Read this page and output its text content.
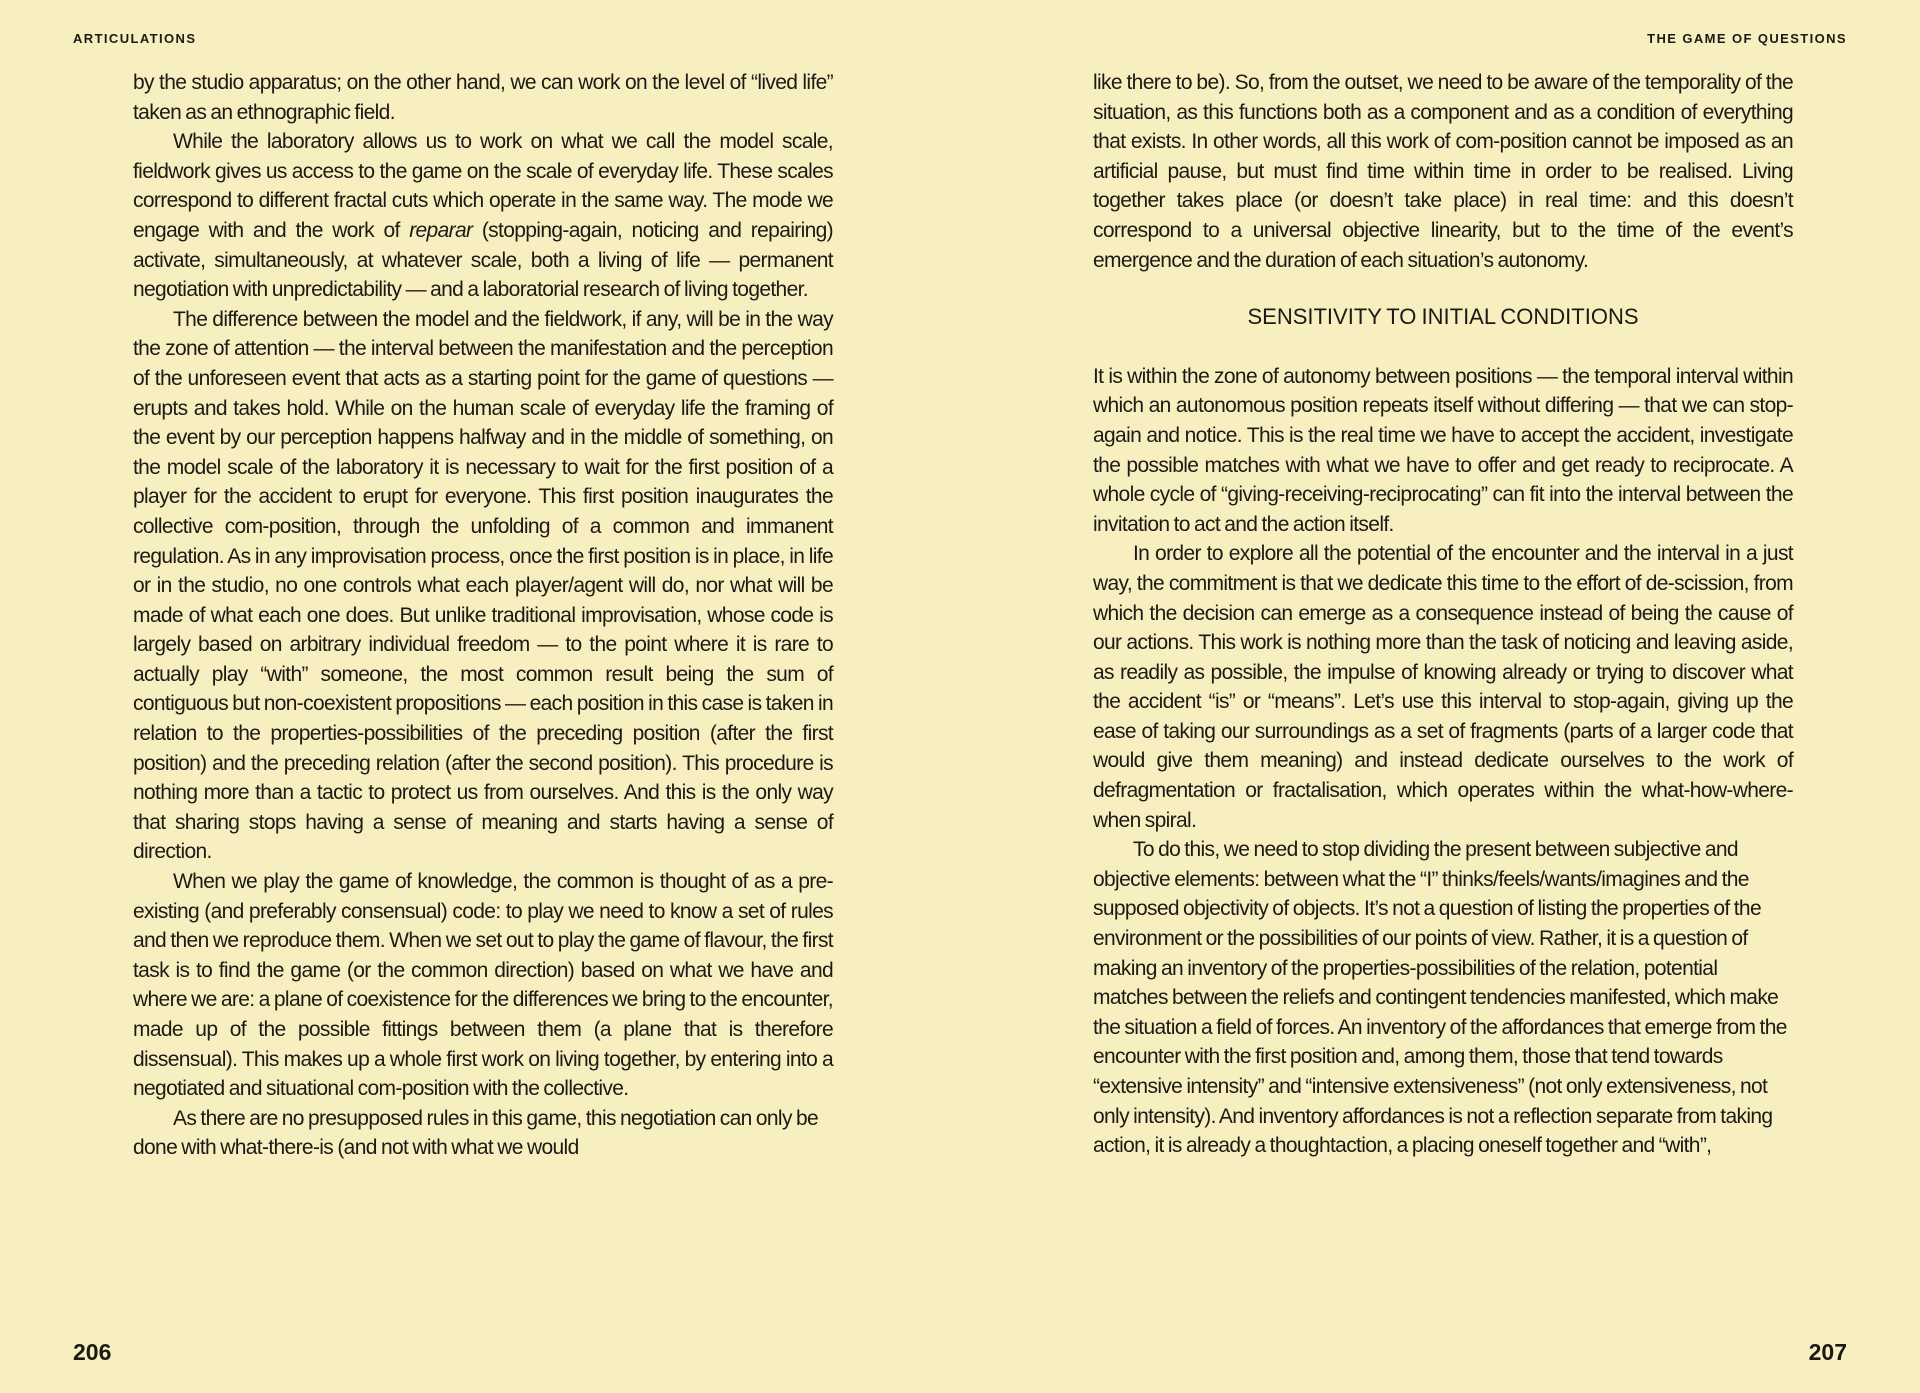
ARTICULATIONS

by the studio apparatus; on the other hand, we can work on the level of “lived life” taken as an ethnographic field.

While the laboratory allows us to work on what we call the model scale, fieldwork gives us access to the game on the scale of everyday life. These scales correspond to different fractal cuts which operate in the same way. The mode we engage with and the work of reparar (stopping-again, noticing and repairing) activate, simultaneously, at whatever scale, both a living of life — permanent negotiation with unpredictability — and a laboratorial research of living together.

The difference between the model and the fieldwork, if any, will be in the way the zone of attention — the interval between the manifestation and the perception of the unforeseen event that acts as a starting point for the game of questions — erupts and takes hold. While on the human scale of everyday life the framing of the event by our perception happens halfway and in the middle of something, on the model scale of the laboratory it is necessary to wait for the first position of a player for the accident to erupt for everyone. This first position inaugurates the collective com-position, through the unfolding of a common and immanent regulation. As in any improvisation process, once the first position is in place, in life or in the studio, no one controls what each player/agent will do, nor what will be made of what each one does. But unlike traditional improvisation, whose code is largely based on arbitrary individual freedom — to the point where it is rare to actually play “with” someone, the most common result being the sum of contiguous but non-coexistent propositions — each position in this case is taken in relation to the properties-possibilities of the preceding position (after the first position) and the preceding relation (after the second position). This procedure is nothing more than a tactic to protect us from ourselves. And this is the only way that sharing stops having a sense of meaning and starts having a sense of direction.

When we play the game of knowledge, the common is thought of as a pre-existing (and preferably consensual) code: to play we need to know a set of rules and then we reproduce them. When we set out to play the game of flavour, the first task is to find the game (or the common direction) based on what we have and where we are: a plane of coexistence for the differences we bring to the encounter, made up of the possible fittings between them (a plane that is therefore dissensual). This makes up a whole first work on living together, by entering into a negotiated and situational com-position with the collective.

As there are no presupposed rules in this game, this negotiation can only be done with what-there-is (and not with what we would

206
THE GAME OF QUESTIONS

like there to be). So, from the outset, we need to be aware of the temporality of the situation, as this functions both as a component and as a condition of everything that exists. In other words, all this work of com-position cannot be imposed as an artificial pause, but must find time within time in order to be realised. Living together takes place (or doesn’t take place) in real time: and this doesn’t correspond to a universal objective linearity, but to the time of the event’s emergence and the duration of each situation’s autonomy.

SENSITIVITY TO INITIAL CONDITIONS

It is within the zone of autonomy between positions — the temporal interval within which an autonomous position repeats itself without differing — that we can stop-again and notice. This is the real time we have to accept the accident, investigate the possible matches with what we have to offer and get ready to reciprocate. A whole cycle of “giving-receiving-reciprocating” can fit into the interval between the invitation to act and the action itself.

In order to explore all the potential of the encounter and the interval in a just way, the commitment is that we dedicate this time to the effort of de-scission, from which the decision can emerge as a consequence instead of being the cause of our actions. This work is nothing more than the task of noticing and leaving aside, as readily as possible, the impulse of knowing already or trying to discover what the accident “is” or “means”. Let’s use this interval to stop-again, giving up the ease of taking our surroundings as a set of fragments (parts of a larger code that would give them meaning) and instead dedicate ourselves to the work of defragmentation or fractalisation, which operates within the what-how-where-when spiral.

To do this, we need to stop dividing the present between subjective and objective elements: between what the “I” thinks/feels/wants/imagines and the supposed objectivity of objects. It’s not a question of listing the properties of the environment or the possibilities of our points of view. Rather, it is a question of making an inventory of the properties-possibilities of the relation, potential matches between the reliefs and contingent tendencies manifested, which make the situation a field of forces. An inventory of the affordances that emerge from the encounter with the first position and, among them, those that tend towards “extensive intensity” and “intensive extensiveness” (not only extensiveness, not only intensity). And inventory affordances is not a reflection separate from taking action, it is already a thoughtaction, a placing oneself together and “with”,

207
